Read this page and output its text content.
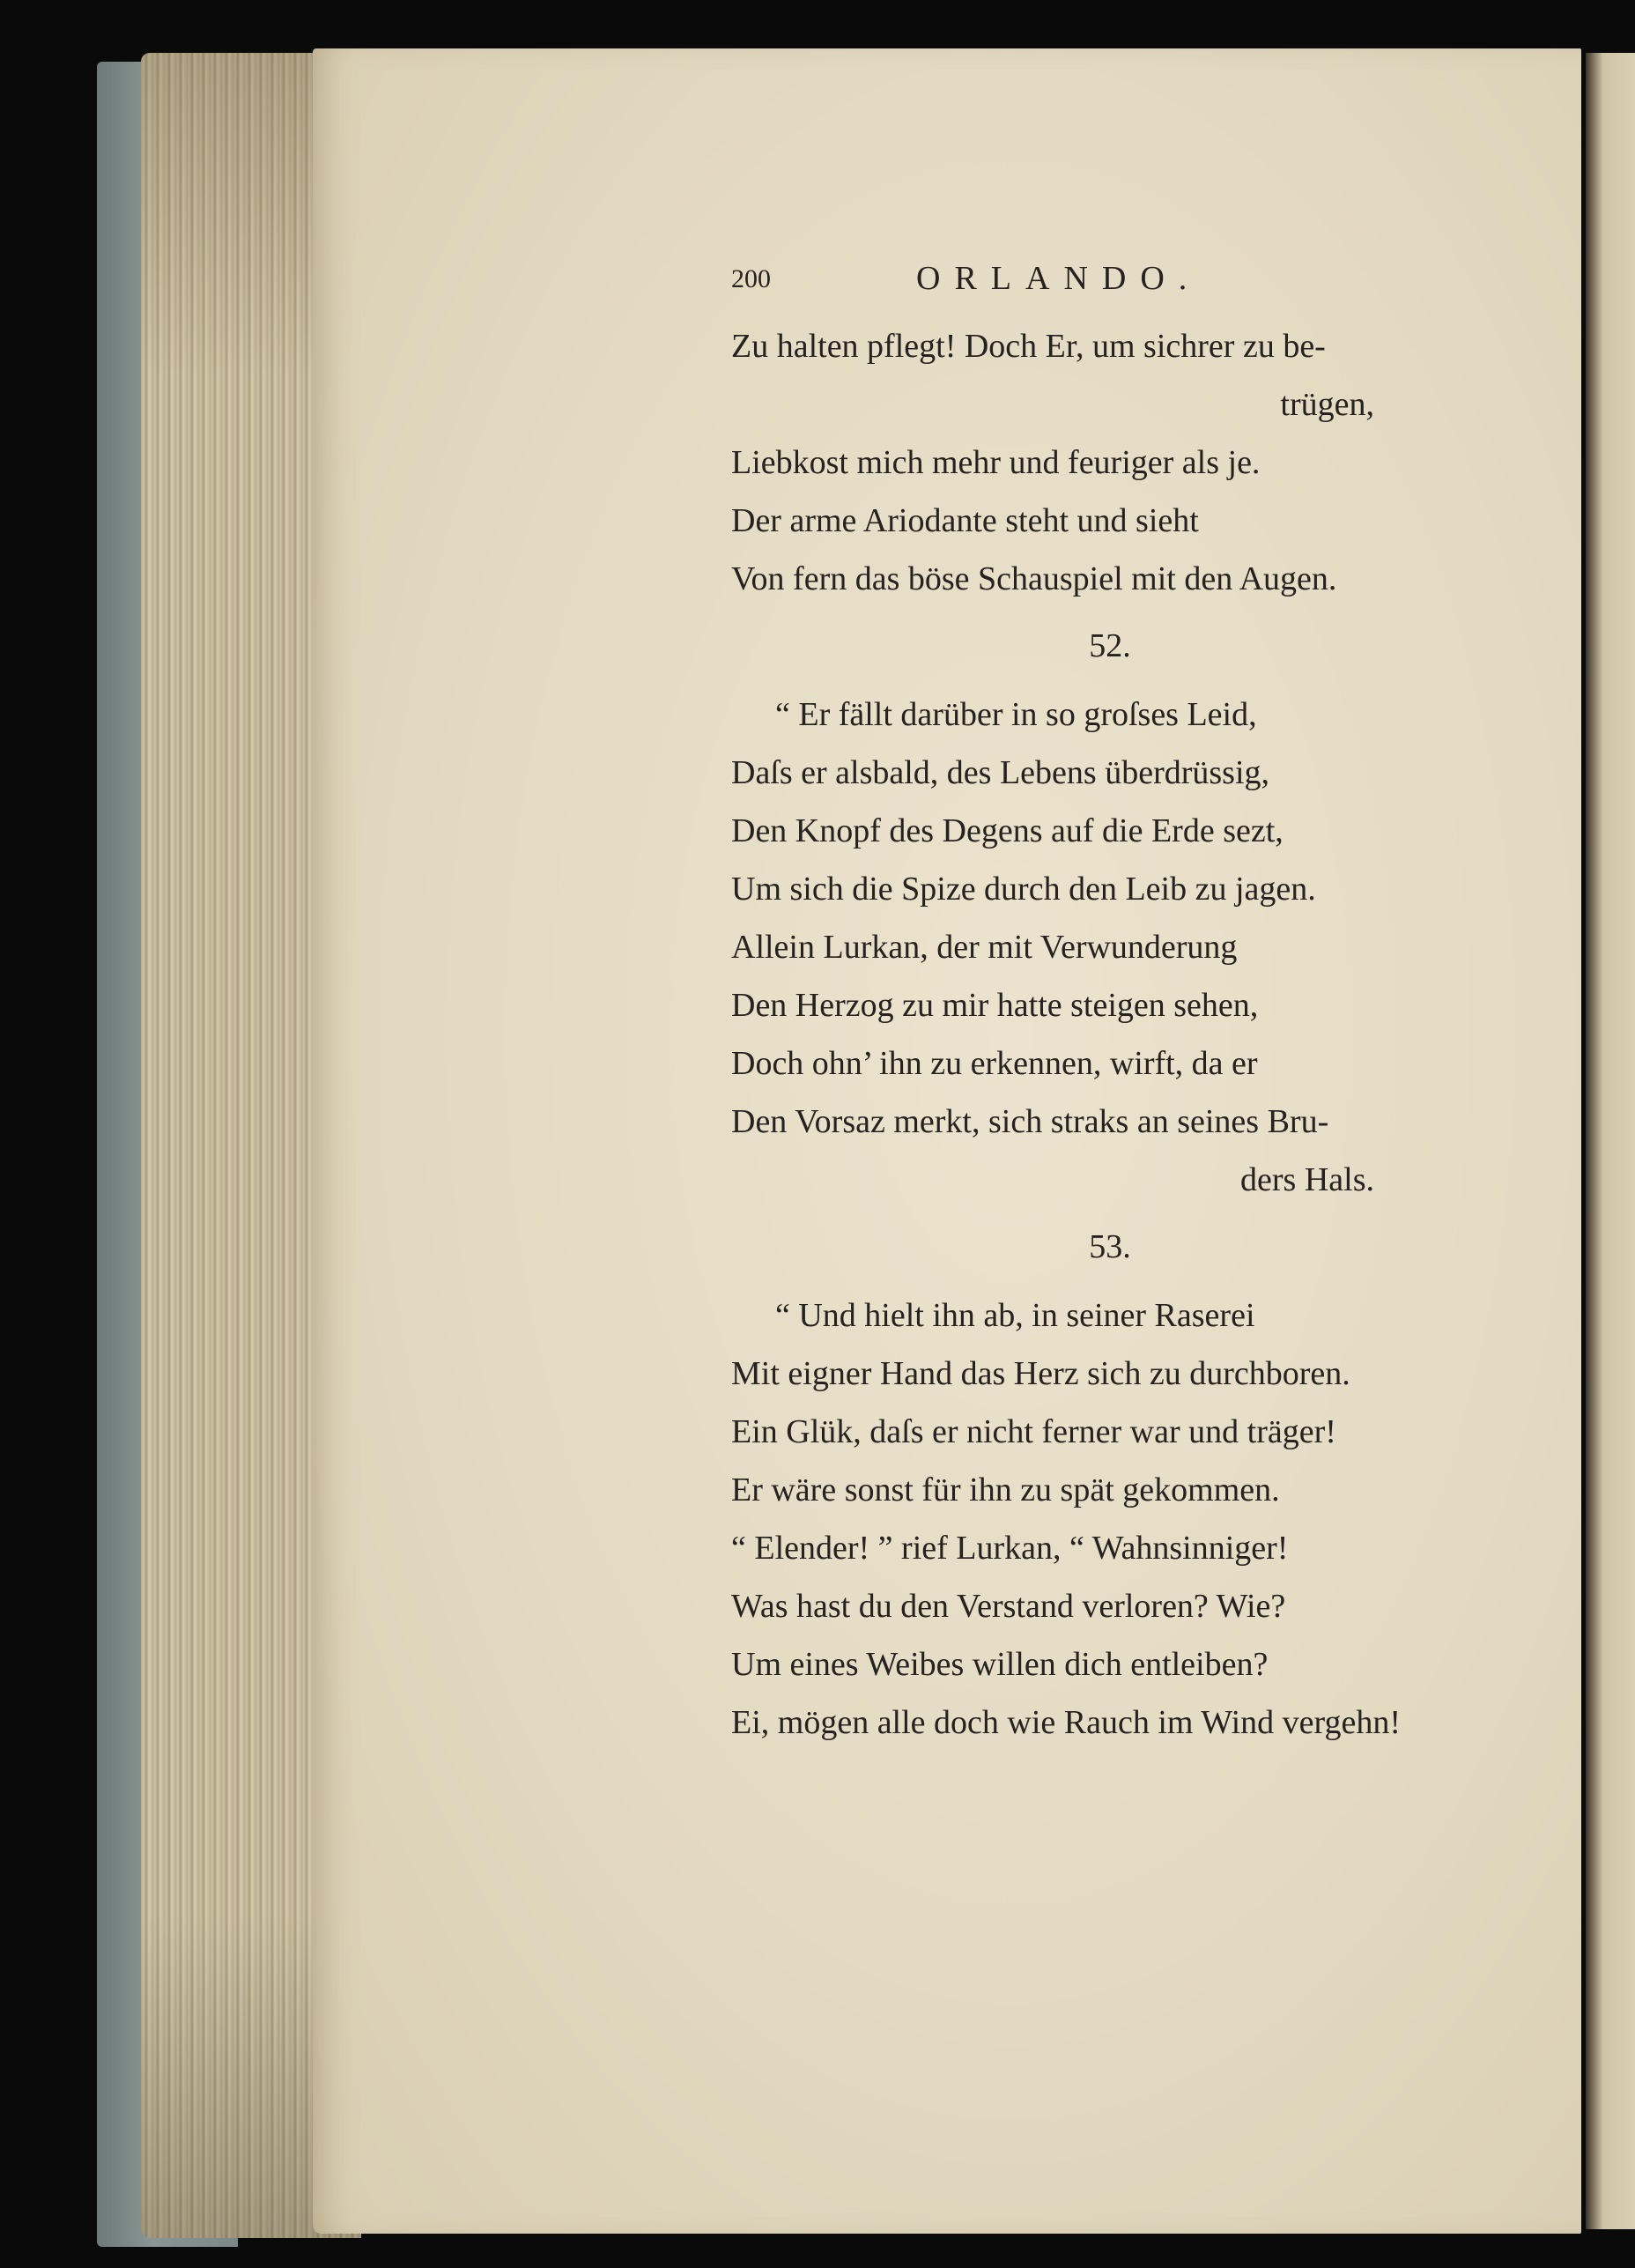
200	ORLANDO.
Zu halten pflegt! Doch Er, um sichrer zu be-
trügen,
Liebkost mich mehr und feuriger als je.
Der arme Ariodante steht und sieht
Von fern das böse Schauspiel mit den Augen.
52.
“ Er fällt darüber in so groſses Leid,
Daſs er alsbald, des Lebens überdrüssig,
Den Knopf des Degens auf die Erde sezt,
Um sich die Spize durch den Leib zu jagen.
Allein Lurkan, der mit Verwunderung
Den Herzog zu mir hatte steigen sehen,
Doch ohn’ ihn zu erkennen, wirft, da er
Den Vorsaz merkt, sich straks an seines Bru-
ders Hals.
53.
“ Und hielt ihn ab, in seiner Raserei
Mit eigner Hand das Herz sich zu durchboren.
Ein Glük, daſs er nicht ferner war und träger!
Er wäre sonst für ihn zu spät gekommen.
“ Elender! ” rief Lurkan, “ Wahnsinniger!
Was hast du den Verstand verloren? Wie?
Um eines Weibes willen dich entleiben?
Ei, mögen alle doch wie Rauch im Wind vergehn!
